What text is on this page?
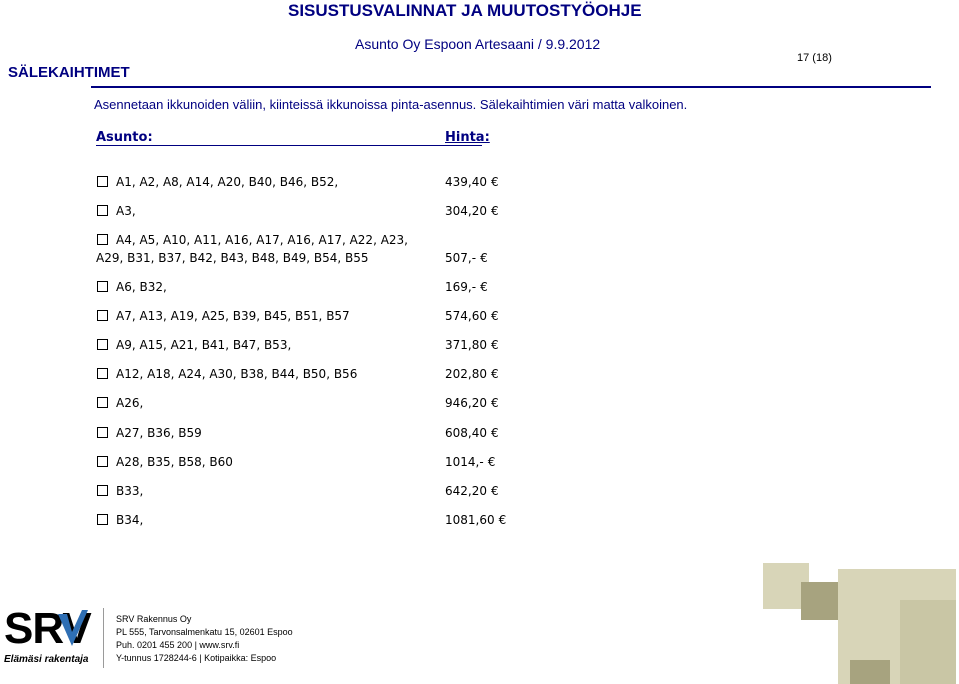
SISUSTUSVALINNAT JA MUUTOSTYÖOHJE
Asunto Oy Espoon Artesaani / 9.9.2012
SÄLEKAIHTIMET
17 (18)
Asennetaan ikkunoiden väliin, kiinteissä ikkunoissa pinta-asennus. Sälekaihtimien väri matta valkoinen.
Asunto:	Hinta:
A1, A2, A8, A14, A20, B40, B46, B52,	439,40 €
A3,	304,20 €
A4, A5, A10, A11, A16, A17, A16, A17, A22, A23,
A29, B31, B37, B42, B43, B48, B49, B54, B55	507,- €
A6, B32,	169,- €
A7, A13, A19, A25, B39, B45, B51, B57	574,60 €
A9, A15, A21, B41, B47, B53,	371,80 €
A12, A18, A24, A30, B38, B44, B50, B56	202,80 €
A26,	946,20 €
A27, B36, B59	608,40 €
A28, B35, B58, B60	1014,- €
B33,	642,20 €
B34,	1081,60 €
SRV
Elämäsi rakentaja
SRV Rakennus Oy
PL 555, Tarvonsalmenkatu 15, 02601 Espoo
Puh. 0201 455 200 | www.srv.fi
Y-tunnus 1728244-6 | Kotipaikka: Espoo
